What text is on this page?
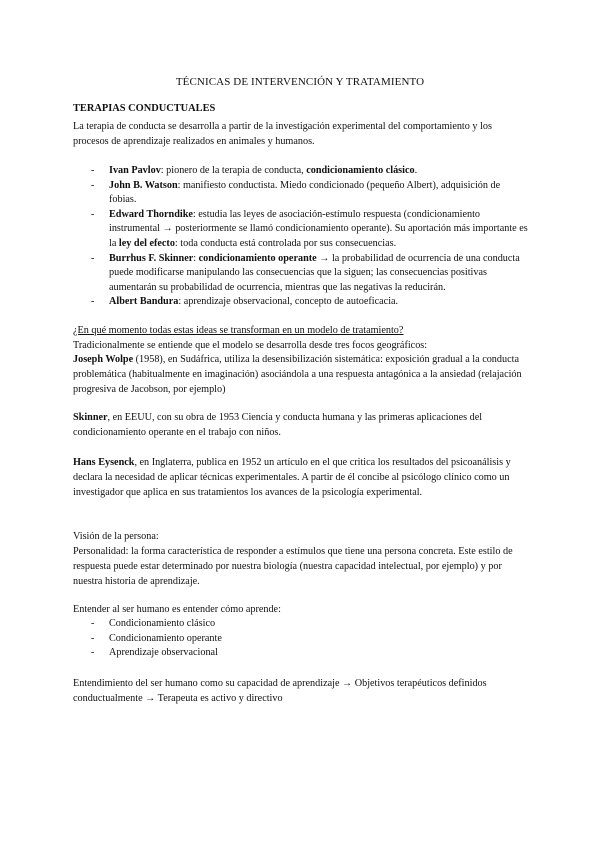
TÉCNICAS DE INTERVENCIÓN Y TRATAMIENTO
TERAPIAS CONDUCTUALES
La terapia de conducta se desarrolla a partir de la investigación experimental del comportamiento y los procesos de aprendizaje realizados en animales y humanos.
- Ivan Pavlov: pionero de la terapia de conducta, condicionamiento clásico.
- John B. Watson: manifiesto conductista. Miedo condicionado (pequeño Albert), adquisición de fobias.
- Edward Thorndike: estudia las leyes de asociación-estímulo respuesta (condicionamiento instrumental → posteriormente se llamó condicionamiento operante). Su aportación más importante es la ley del efecto: toda conducta está controlada por sus consecuencias.
- Burrhus F. Skinner: condicionamiento operante → la probabilidad de ocurrencia de una conducta puede modificarse manipulando las consecuencias que la siguen; las consecuencias positivas aumentarán su probabilidad de ocurrencia, mientras que las negativas la reducirán.
- Albert Bandura: aprendizaje observacional, concepto de autoeficacia.
¿En qué momento todas estas ideas se transforman en un modelo de tratamiento?
Tradicionalmente se entiende que el modelo se desarrolla desde tres focos geográficos:
Joseph Wolpe (1958), en Sudáfrica, utiliza la desensibilización sistemática: exposición gradual a la conducta problemática (habitualmente en imaginación) asociándola a una respuesta antagónica a la ansiedad (relajación progresiva de Jacobson, por ejemplo)
Skinner, en EEUU, con su obra de 1953 Ciencia y conducta humana y las primeras aplicaciones del condicionamiento operante en el trabajo con niños.
Hans Eysenck, en Inglaterra, publica en 1952 un artículo en el que critica los resultados del psicoanálisis y declara la necesidad de aplicar técnicas experimentales. A partir de él concibe al psicólogo clínico como un investigador que aplica en sus tratamientos los avances de la psicología experimental.
Visión de la persona:
Personalidad: la forma característica de responder a estímulos que tiene una persona concreta. Este estilo de respuesta puede estar determinado por nuestra biología (nuestra capacidad intelectual, por ejemplo) y por nuestra historia de aprendizaje.
Entender al ser humano es entender cómo aprende:
- Condicionamiento clásico
- Condicionamiento operante
- Aprendizaje observacional
Entendimiento del ser humano como su capacidad de aprendizaje → Objetivos terapéuticos definidos conductualmente → Terapeuta es activo y directivo
